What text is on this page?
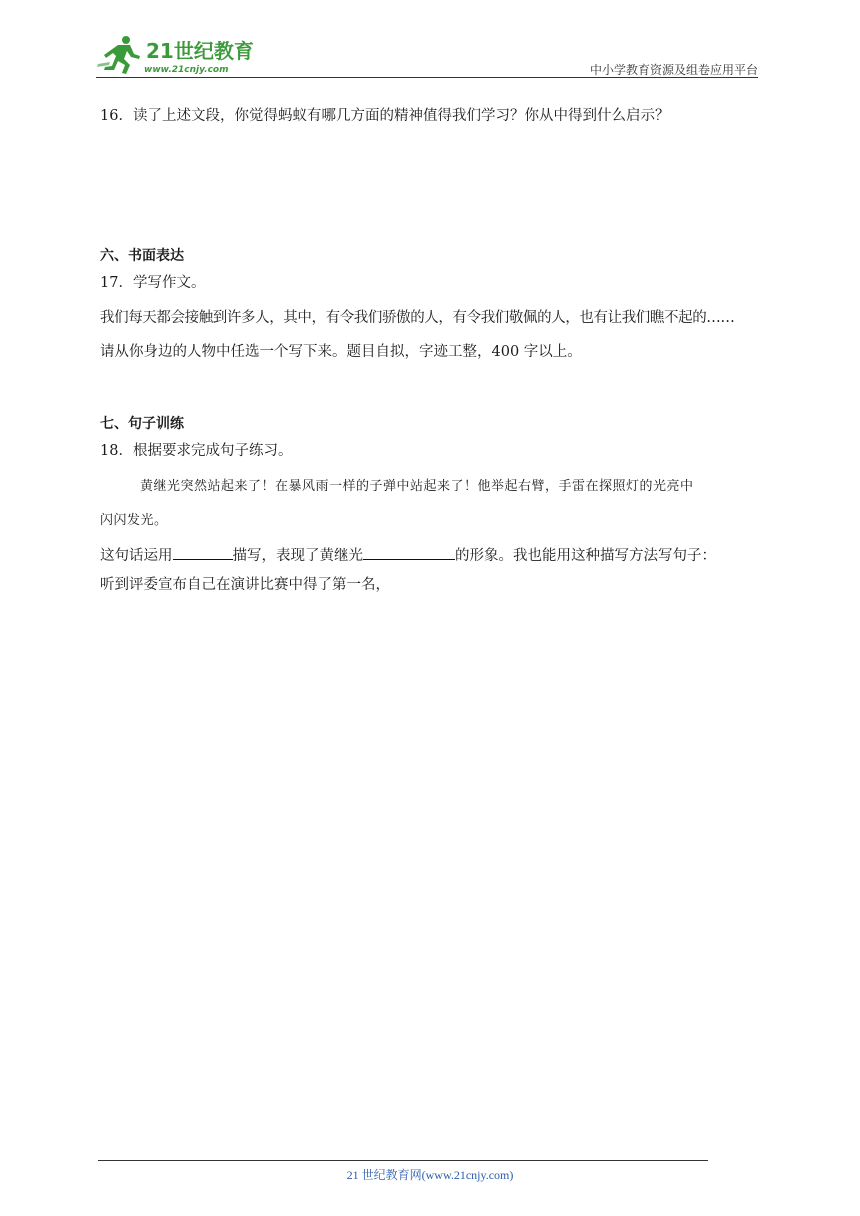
21世纪教育
www.21cnjy.com	中小学教育资源及组卷应用平台
16．读了上述文段，你觉得蚂蚁有哪几方面的精神值得我们学习？你从中得到什么启示？
六、书面表达
17．学写作文。
我们每天都会接触到许多人，其中，有令我们骄傲的人，有令我们敬佩的人，也有让我们瞧不起的……
请从你身边的人物中任选一个写下来。题目自拟，字迹工整，400 字以上。
七、句子训练
18．根据要求完成句子练习。
黄继光突然站起来了！在暴风雨一样的子弹中站起来了！他举起右臂，手雷在探照灯的光亮中
闪闪发光。
这句话运用	描写，表现了黄继光	的形象。我也能用这种描写方法写句子：
听到评委宣布自己在演讲比赛中得了第一名，
21 世纪教育网(www.21cnjy.com)
